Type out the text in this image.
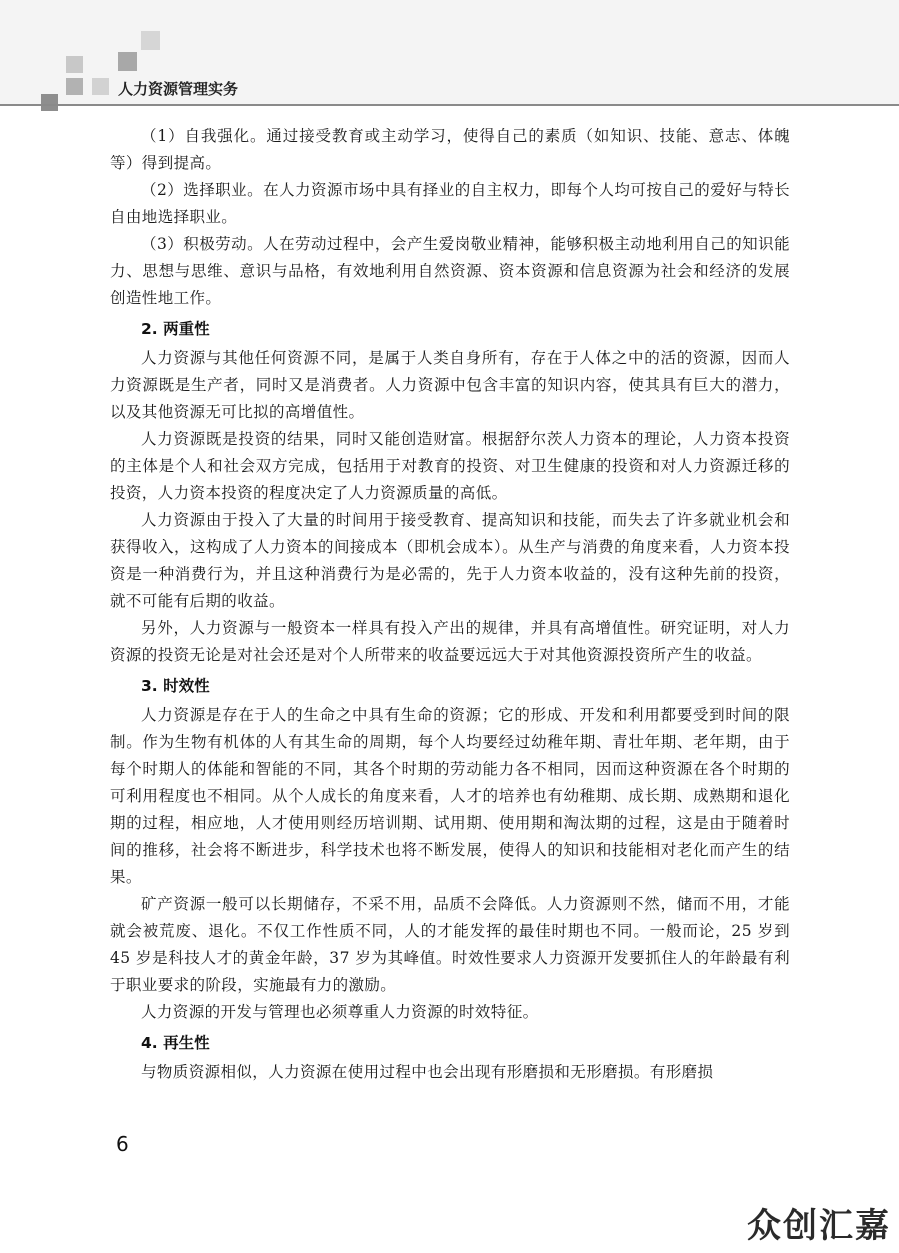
人力资源管理实务

（1）自我强化。通过接受教育或主动学习，使得自己的素质（如知识、技能、意志、体魄等）得到提高。

（2）选择职业。在人力资源市场中具有择业的自主权力，即每个人均可按自己的爱好与特长自由地选择职业。

（3）积极劳动。人在劳动过程中，会产生爱岗敬业精神，能够积极主动地利用自己的知识能力、思想与思维、意识与品格，有效地利用自然资源、资本资源和信息资源为社会和经济的发展创造性地工作。

2. 两重性

人力资源与其他任何资源不同，是属于人类自身所有，存在于人体之中的活的资源，因而人力资源既是生产者，同时又是消费者。人力资源中包含丰富的知识内容，使其具有巨大的潜力，以及其他资源无可比拟的高增值性。

人力资源既是投资的结果，同时又能创造财富。根据舒尔茨人力资本的理论，人力资本投资的主体是个人和社会双方完成，包括用于对教育的投资、对卫生健康的投资和对人力资源迁移的投资，人力资本投资的程度决定了人力资源质量的高低。

人力资源由于投入了大量的时间用于接受教育、提高知识和技能，而失去了许多就业机会和获得收入，这构成了人力资本的间接成本（即机会成本）。从生产与消费的角度来看，人力资本投资是一种消费行为，并且这种消费行为是必需的，先于人力资本收益的，没有这种先前的投资，就不可能有后期的收益。

另外，人力资源与一般资本一样具有投入产出的规律，并具有高增值性。研究证明，对人力资源的投资无论是对社会还是对个人所带来的收益要远远大于对其他资源投资所产生的收益。

3. 时效性

人力资源是存在于人的生命之中具有生命的资源；它的形成、开发和利用都要受到时间的限制。作为生物有机体的人有其生命的周期，每个人均要经过幼稚年期、青壮年期、老年期，由于每个时期人的体能和智能的不同，其各个时期的劳动能力各不相同，因而这种资源在各个时期的可利用程度也不相同。从个人成长的角度来看，人才的培养也有幼稚期、成长期、成熟期和退化期的过程，相应地，人才使用则经历培训期、试用期、使用期和淘汰期的过程，这是由于随着时间的推移，社会将不断进步，科学技术也将不断发展，使得人的知识和技能相对老化而产生的结果。

矿产资源一般可以长期储存，不采不用，品质不会降低。人力资源则不然，储而不用，才能就会被荒废、退化。不仅工作性质不同，人的才能发挥的最佳时期也不同。一般而论，25 岁到 45 岁是科技人才的黄金年龄，37 岁为其峰值。时效性要求人力资源开发要抓住人的年龄最有利于职业要求的阶段，实施最有力的激励。

人力资源的开发与管理也必须尊重人力资源的时效特征。

4. 再生性

与物质资源相似，人力资源在使用过程中也会出现有形磨损和无形磨损。有形磨损

6
众创汇嘉
